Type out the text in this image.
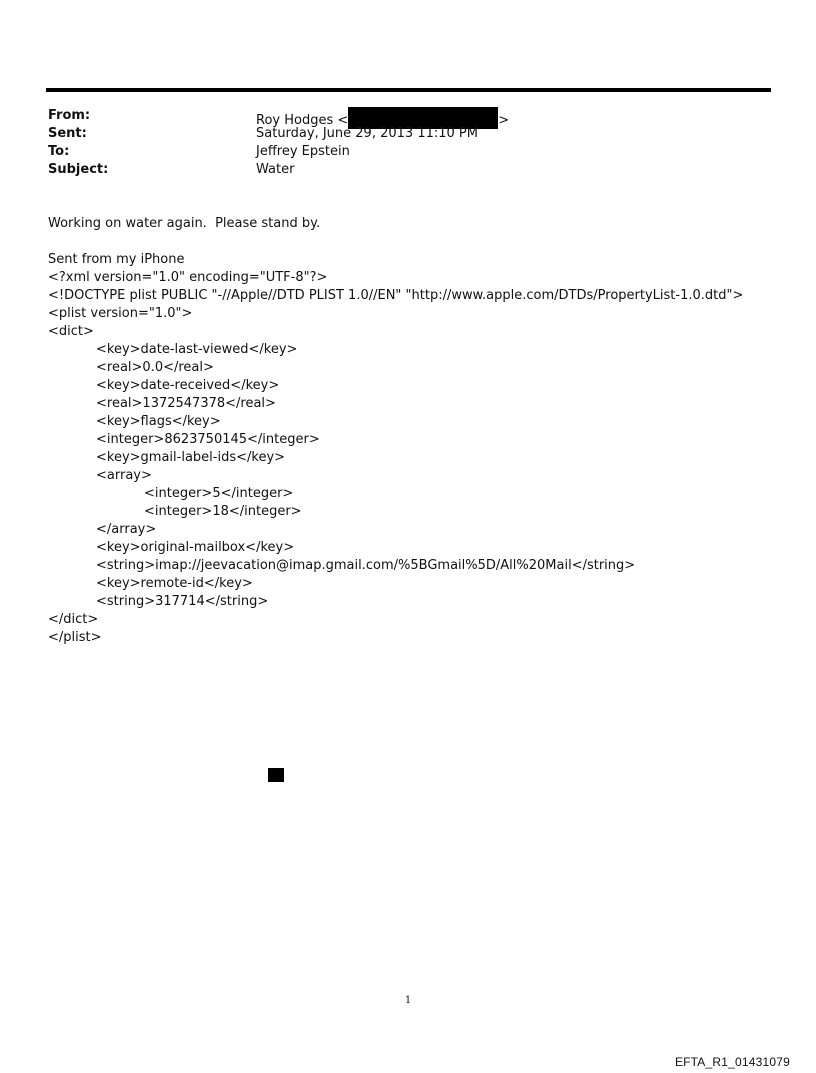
From:	Roy Hodges <	>
Sent:	Saturday, June 29, 2013 11:10 PM
To:	Jeffrey Epstein
Subject:	Water
Working on water again.  Please stand by.
Sent from my iPhone
<?xml version="1.0" encoding="UTF-8"?>
<!DOCTYPE plist PUBLIC "-//Apple//DTD PLIST 1.0//EN" "http://www.apple.com/DTDs/PropertyList-1.0.dtd">
<plist version="1.0">
<dict>
<key>date-last-viewed</key>
<real>0.0</real>
<key>date-received</key>
<real>1372547378</real>
<key>flags</key>
<integer>8623750145</integer>
<key>gmail-label-ids</key>
<array>
<integer>5</integer>
<integer>18</integer>
</array>
<key>original-mailbox</key>
<string>imap://jeevacation@imap.gmail.com/%5BGmail%5D/All%20Mail</string>
<key>remote-id</key>
<string>317714</string>
</dict>
</plist>
1
EFTA_R1_01431079
